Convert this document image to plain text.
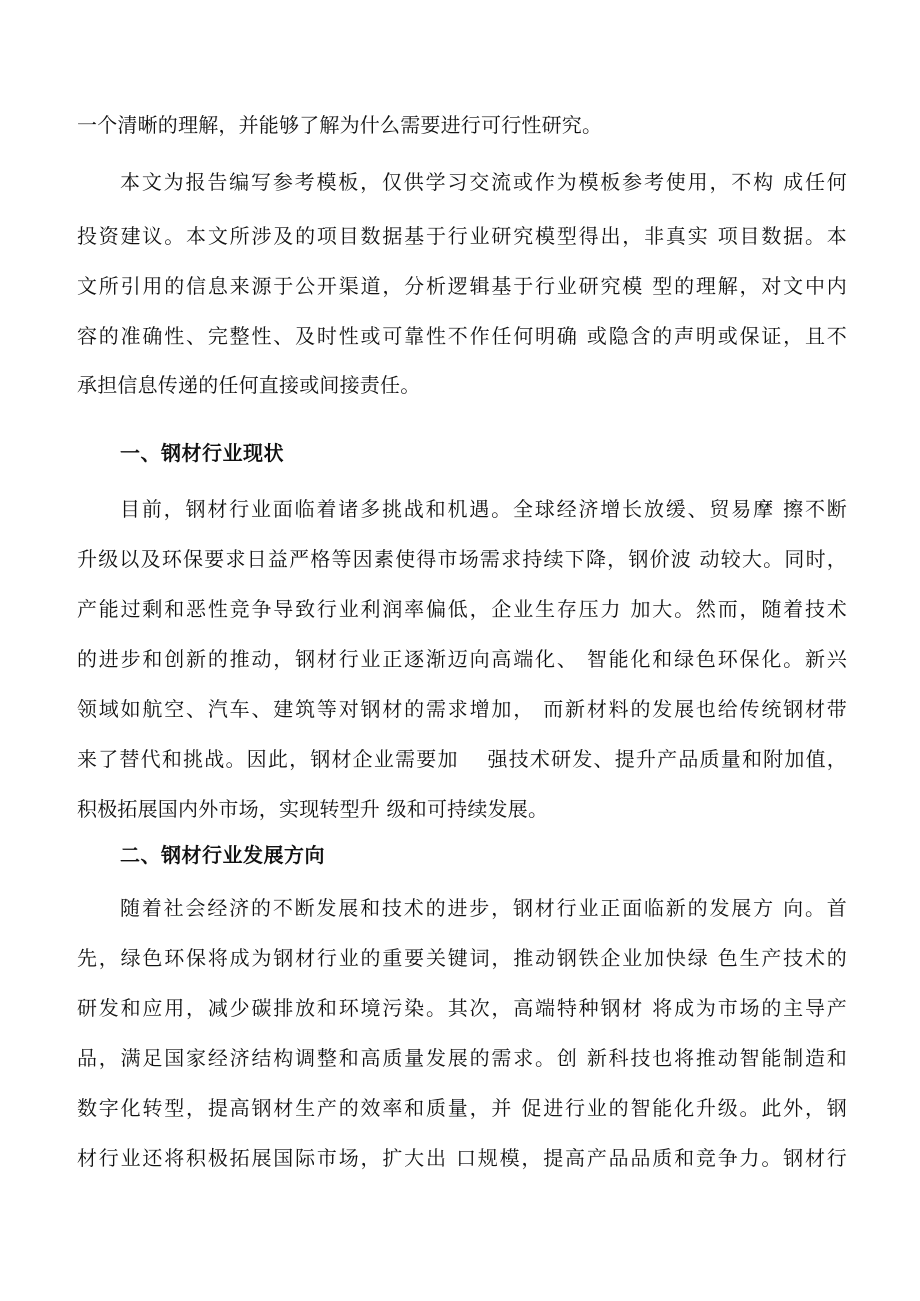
一个清晰的理解，并能够了解为什么需要进行可行性研究。
本文为报告编写参考模板，仅供学习交流或作为模板参考使用，不构 成任何
投资建议。本文所涉及的项目数据基于行业研究模型得出，非真实 项目数据。本
文所引用的信息来源于公开渠道，分析逻辑基于行业研究模 型的理解，对文中内
容的准确性、完整性、及时性或可靠性不作任何明确 或隐含的声明或保证，且不
承担信息传递的任何直接或间接责任。
一、钢材行业现状
目前，钢材行业面临着诸多挑战和机遇。全球经济增长放缓、贸易摩 擦不断
升级以及环保要求日益严格等因素使得市场需求持续下降，钢价波 动较大。同时，
产能过剩和恶性竞争导致行业利润率偏低，企业生存压力 加大。然而，随着技术
的进步和创新的推动，钢材行业正逐渐迈向高端化、 智能化和绿色环保化。新兴
领域如航空、汽车、建筑等对钢材的需求增加， 而新材料的发展也给传统钢材带
来了替代和挑战。因此，钢材企业需要加　 强技术研发、提升产品质量和附加值，
积极拓展国内外市场，实现转型升 级和可持续发展。
二、钢材行业发展方向
随着社会经济的不断发展和技术的进步，钢材行业正面临新的发展方 向。首
先，绿色环保将成为钢材行业的重要关键词，推动钢铁企业加快绿 色生产技术的
研发和应用，减少碳排放和环境污染。其次，高端特种钢材 将成为市场的主导产
品，满足国家经济结构调整和高质量发展的需求。创 新科技也将推动智能制造和
数字化转型，提高钢材生产的效率和质量，并 促进行业的智能化升级。此外，钢
材行业还将积极拓展国际市场，扩大出 口规模，提高产品品质和竞争力。钢材行
